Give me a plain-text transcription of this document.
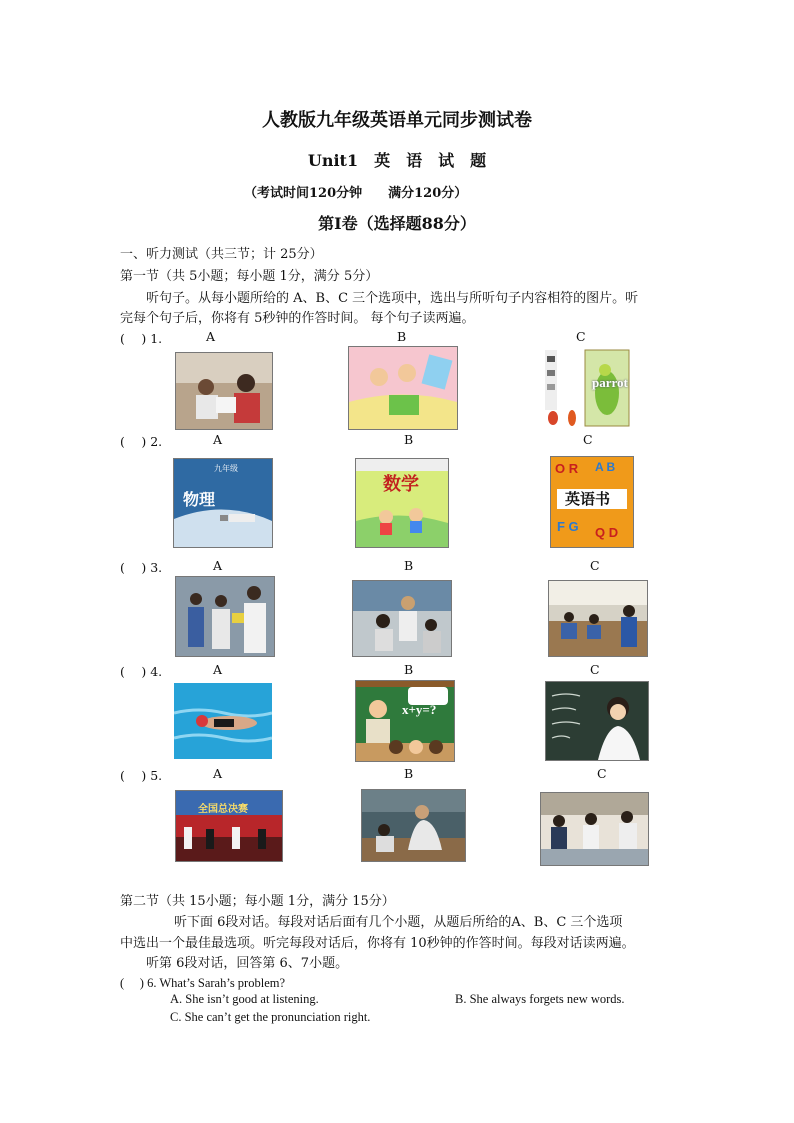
人教版九年级英语单元同步测试卷
Unit1　英　语　试　题
（考试时间120分钟　　满分120分）
第I卷（选择题88分）
一、听力测试（共三节；计 25分）
第一节（共 5小题；每小题 1分，满分 5分）
听句子。从每小题所给的 A、B、C 三个选项中，选出与所听句子内容相符的图片。听
完每个句子后，你将有 5秒钟的作答时间。 每个句子读两遍。
(　 ) 1.	A	B	C
parrot
(　 ) 2.	A	B	C
九年级
物理
数学
O R A B
F G Q D
英语书
(　 ) 3.	A	B	C
(　 ) 4.	A	B	C
x+y=?
(　 ) 5.	A	B	C
全国总决赛
第二节（共 15小题；每小题 1分，满分 15分）
听下面 6段对话。每段对话后面有几个小题，从题后所给的A、B、C 三个选项
中选出一个最佳最选项。听完每段对话后，你将有 10秒钟的作答时间。每段对话读两遍。
听第 6段对话，回答第 6、7小题。
(　 ) 6. What’s Sarah’s problem?
A. She isn’t good at listening.	B. She always forgets new words.
C. She can’t get the pronunciation right.
